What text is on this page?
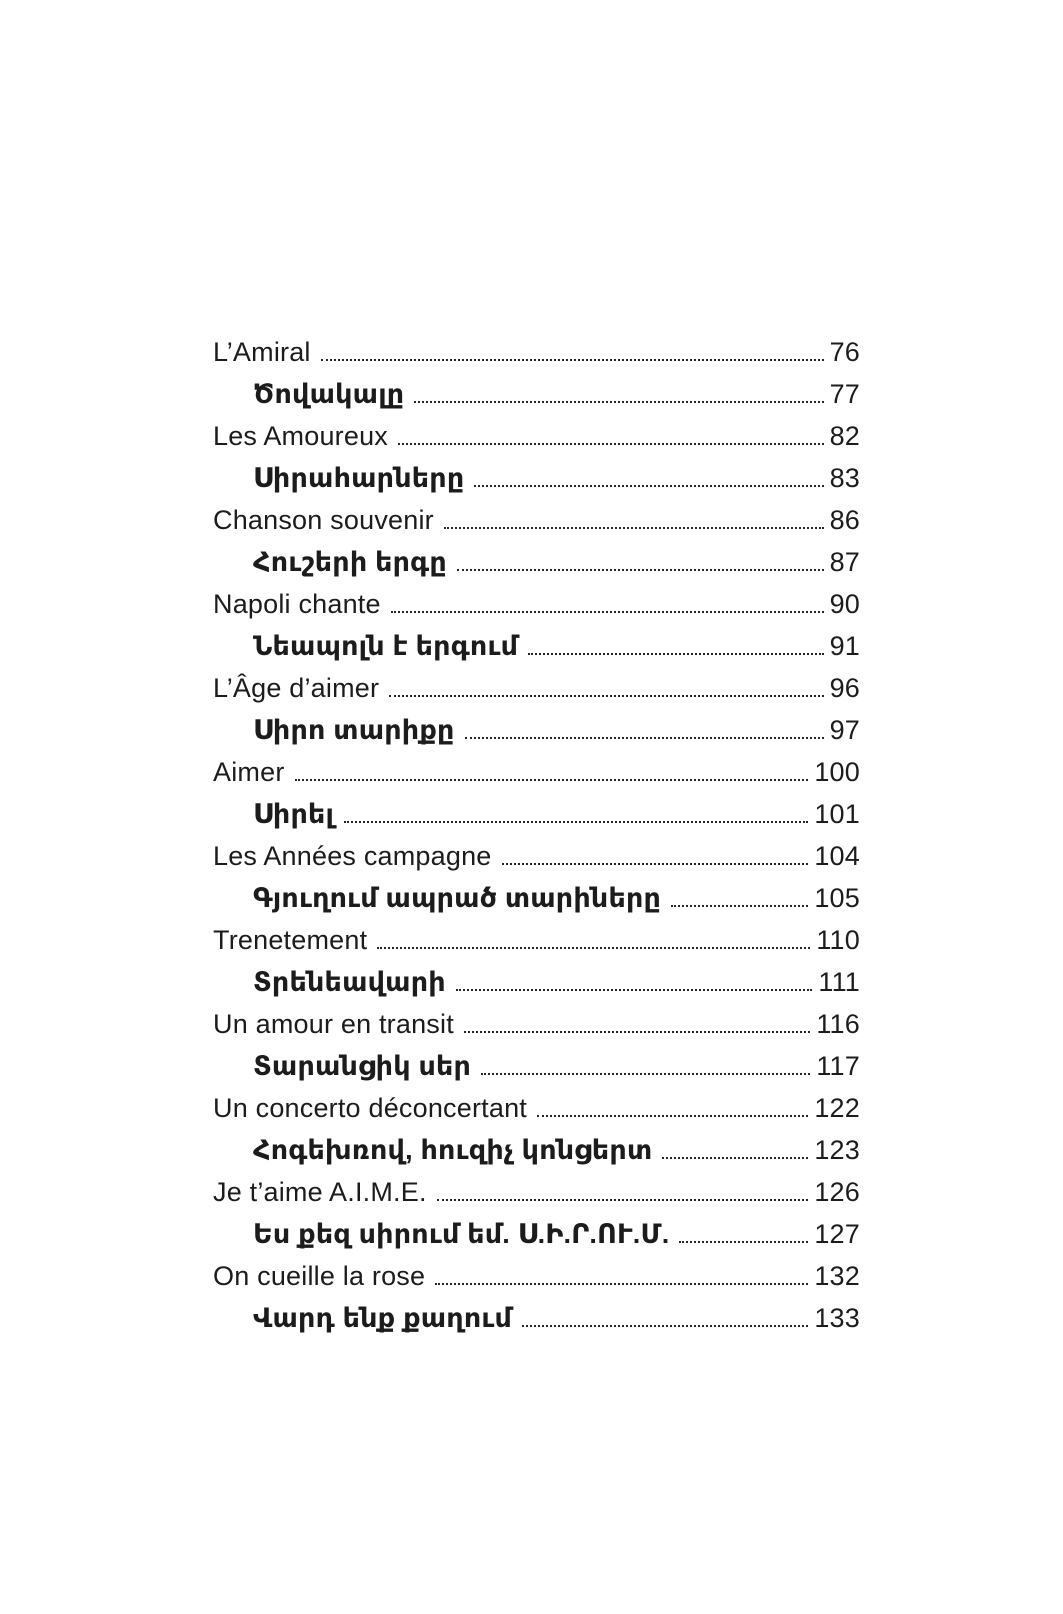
L’Amiral	76
Ծովակալը	77
Les Amoureux	82
Սիրահարները	83
Chanson souvenir	86
Հուշերի երգը	87
Napoli chante	90
Նեապոլն է երգում	91
L’Âge d’aimer	96
Սիրո տարիքը	97
Aimer	100
Սիրել	101
Les Années campagne	104
Գյուղում ապրած տարիները	105
Trenetement	110
Տրենեավարի	111
Un amour en transit	116
Տարանցիկ սեր	117
Un concerto déconcertant	122
Հոգեխռով, հուզիչ կոնցերտ	123
Je t’aime A.I.M.E.	126
Ես քեզ սիրում եմ. Ս.Ի.Ր.ՈՒ.Մ.	127
On cueille la rose	132
Վարդ ենք քաղում	133
